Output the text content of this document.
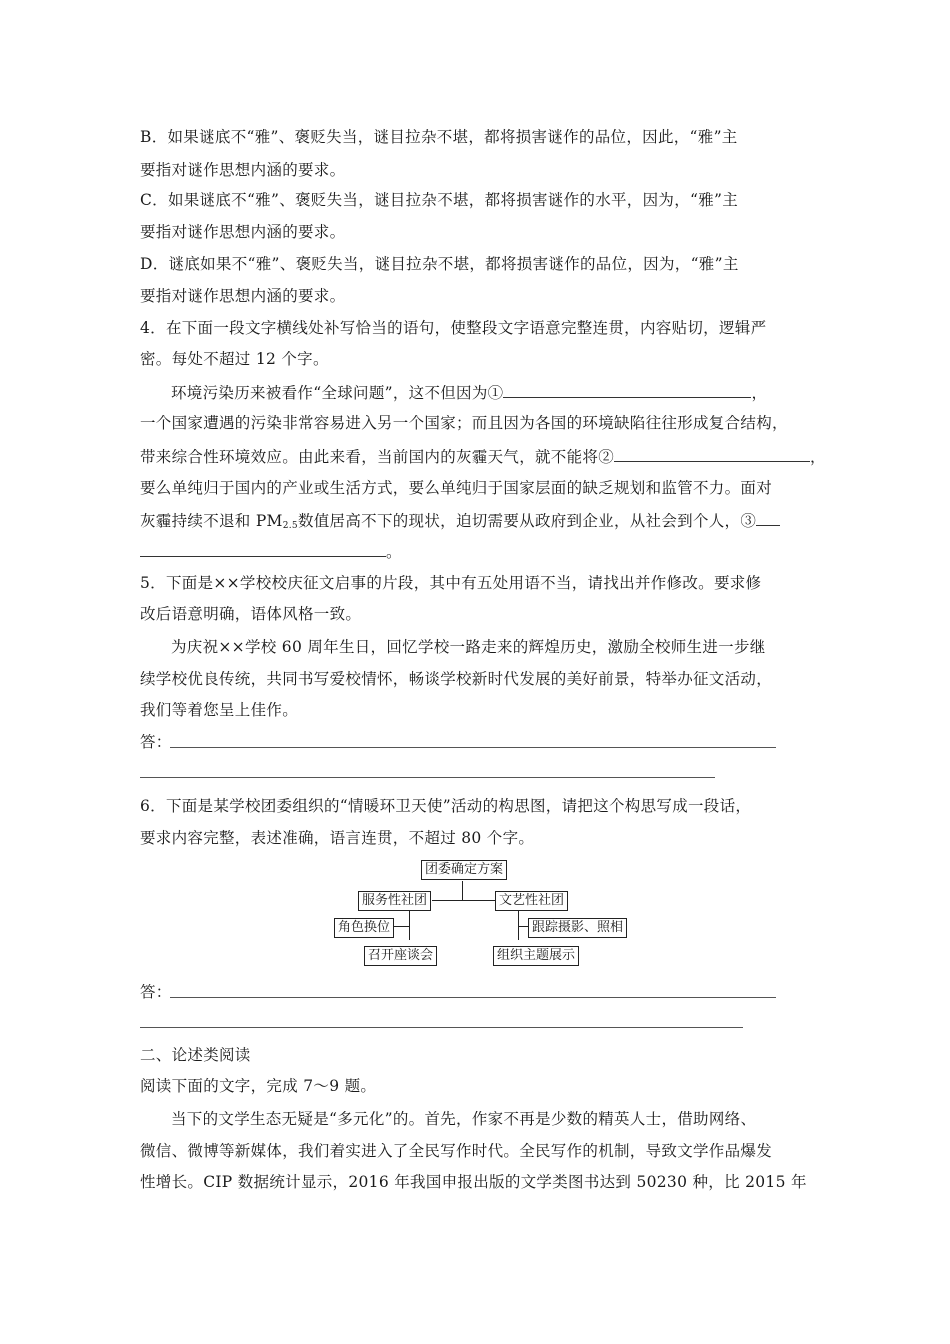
B．如果谜底不“雅”、褒贬失当，谜目拉杂不堪，都将损害谜作的品位，因此，“雅”主
要指对谜作思想内涵的要求。
C．如果谜底不“雅”、褒贬失当，谜目拉杂不堪，都将损害谜作的水平，因为，“雅”主
要指对谜作思想内涵的要求。
D．谜底如果不“雅”、褒贬失当，谜目拉杂不堪，都将损害谜作的品位，因为，“雅”主
要指对谜作思想内涵的要求。
4．在下面一段文字横线处补写恰当的语句，使整段文字语意完整连贯，内容贴切，逻辑严
密。每处不超过 12 个字。
环境污染历来被看作“全球问题”，这不但因为①	，
一个国家遭遇的污染非常容易进入另一个国家；而且因为各国的环境缺陷往往形成复合结构，
带来综合性环境效应。由此来看，当前国内的灰霾天气，就不能将②	，
要么单纯归于国内的产业或生活方式，要么单纯归于国家层面的缺乏规划和监管不力。面对
灰霾持续不退和 $PM_{2.5}$数值居高不下的现状，迫切需要从政府到企业，从社会到个人，③
。
5．下面是××学校校庆征文启事的片段，其中有五处用语不当，请找出并作修改。要求修
改后语意明确，语体风格一致。
为庆祝××学校 60 周年生日，回忆学校一路走来的辉煌历史，激励全校师生进一步继
续学校优良传统，共同书写爱校情怀，畅谈学校新时代发展的美好前景，特举办征文活动，
我们等着您呈上佳作。
答：
6．下面是某学校团委组织的“情暖环卫天使”活动的构思图，请把这个构思写成一段话，
要求内容完整，表述准确，语言连贯，不超过 80 个字。
团委确定方案
服务性社团	文艺性社团
角色换位
召开座谈会
跟踪摄影、照相
组织主题展示
答：
二、论述类阅读
阅读下面的文字，完成 7～9 题。
当下的文学生态无疑是“多元化”的。首先，作家不再是少数的精英人士，借助网络、
微信、微博等新媒体，我们着实进入了全民写作时代。全民写作的机制，导致文学作品爆发
性增长。CIP 数据统计显示，2016 年我国申报出版的文学类图书达到 50230 种，比 2015 年
